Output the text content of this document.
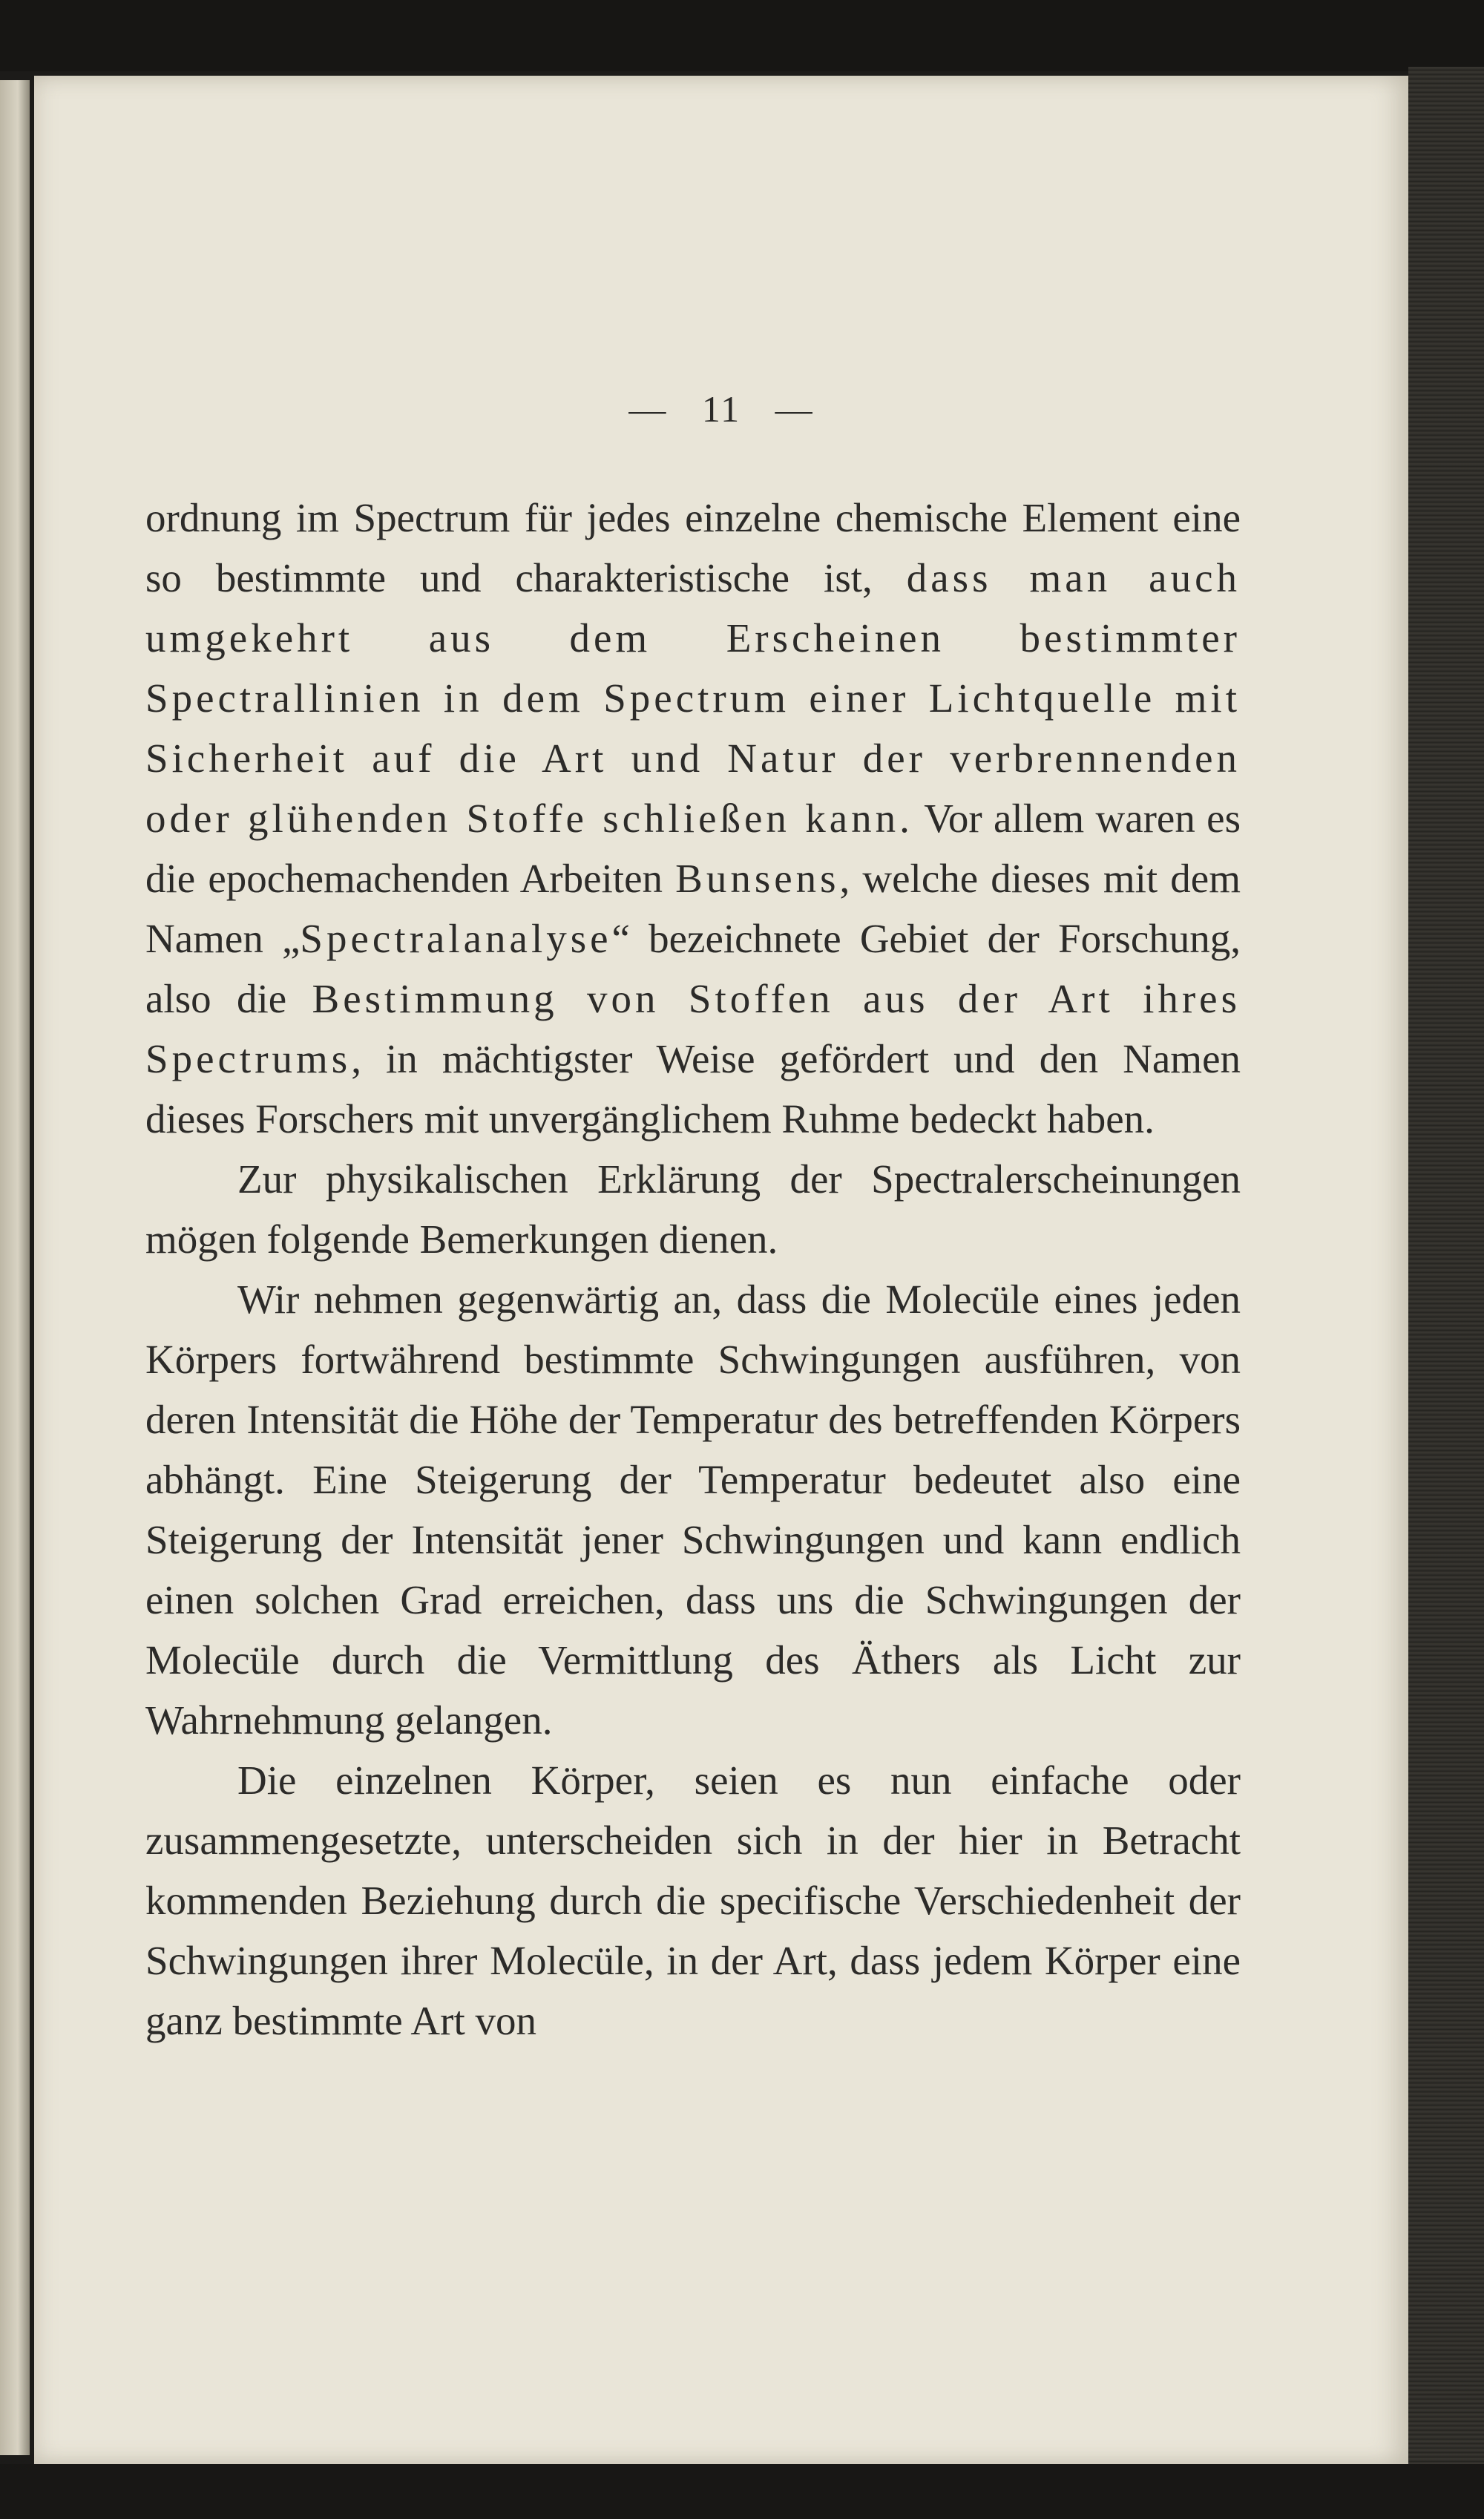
— 11 —

ordnung im Spectrum für jedes einzelne chemische Element eine so bestimmte und charakteristische ist, dass man auch umgekehrt aus dem Erscheinen bestimmter Spectrallinien in dem Spectrum einer Lichtquelle mit Sicherheit auf die Art und Natur der verbrennenden oder glühenden Stoffe schließen kann. Vor allem waren es die epochemachenden Arbeiten Bunsens, welche dieses mit dem Namen „Spectralanalyse“ bezeichnete Gebiet der Forschung, also die Bestimmung von Stoffen aus der Art ihres Spectrums, in mächtigster Weise gefördert und den Namen dieses Forschers mit unvergänglichem Ruhme bedeckt haben.

Zur physikalischen Erklärung der Spectralerscheinungen mögen folgende Bemerkungen dienen.

Wir nehmen gegenwärtig an, dass die Molecüle eines jeden Körpers fortwährend bestimmte Schwingungen ausführen, von deren Intensität die Höhe der Temperatur des betreffenden Körpers abhängt. Eine Steigerung der Temperatur bedeutet also eine Steigerung der Intensität jener Schwingungen und kann endlich einen solchen Grad erreichen, dass uns die Schwingungen der Molecüle durch die Vermittlung des Äthers als Licht zur Wahrnehmung gelangen.

Die einzelnen Körper, seien es nun einfache oder zusammengesetzte, unterscheiden sich in der hier in Betracht kommenden Beziehung durch die specifische Verschiedenheit der Schwingungen ihrer Molecüle, in der Art, dass jedem Körper eine ganz bestimmte Art von
